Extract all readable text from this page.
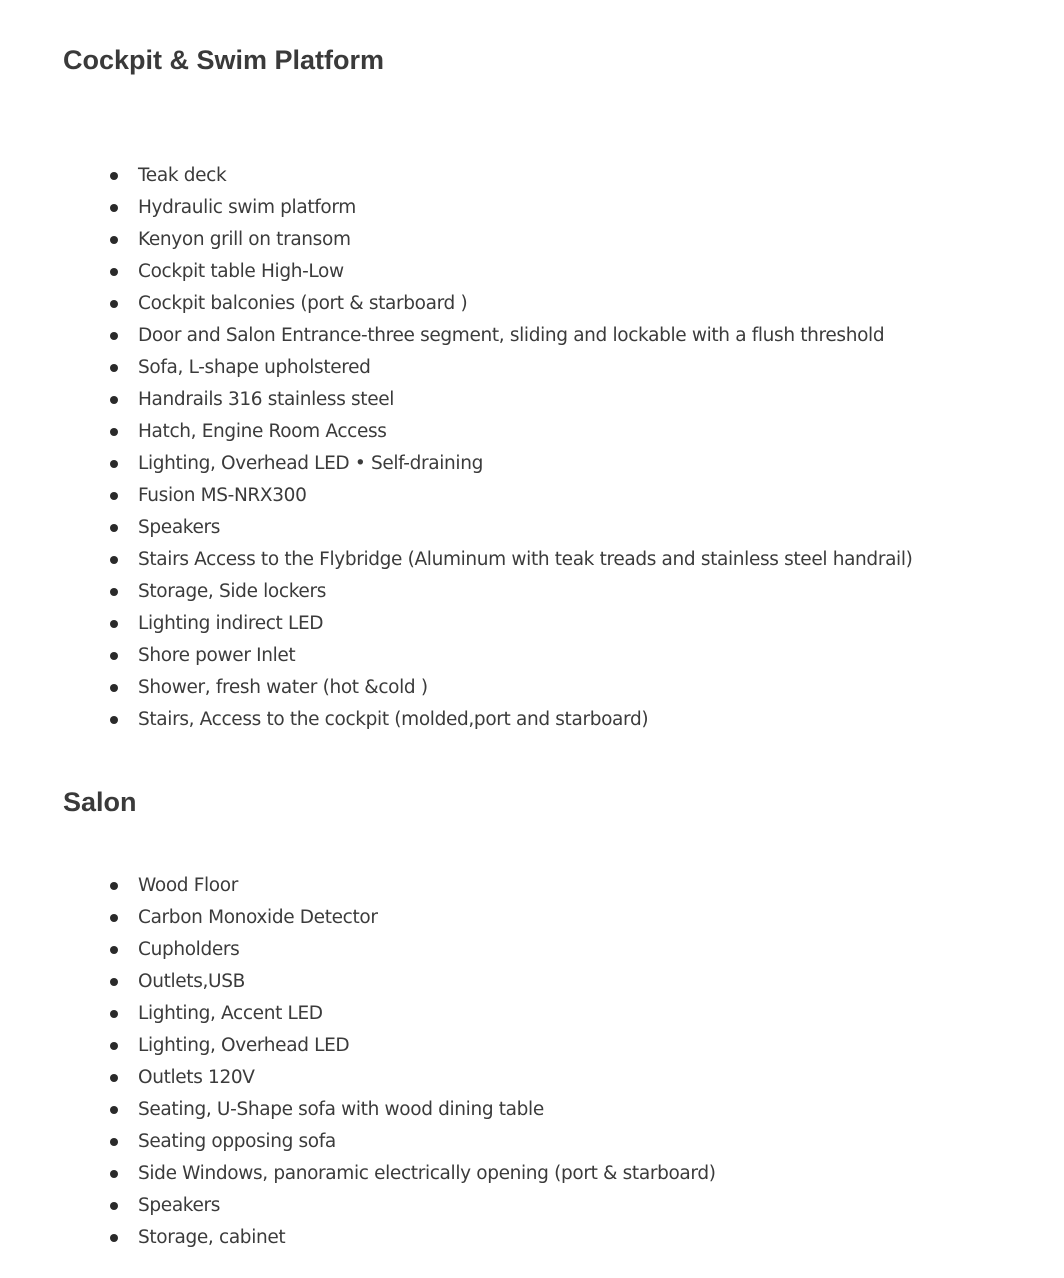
Cockpit & Swim Platform
Teak deck
Hydraulic swim platform
Kenyon grill on transom
Cockpit table High-Low
Cockpit balconies (port & starboard )
Door and Salon Entrance-three segment, sliding and lockable with a flush threshold
Sofa, L-shape upholstered
Handrails 316 stainless steel
Hatch, Engine Room Access
Lighting, Overhead LED • Self-draining
Fusion MS-NRX300
Speakers
Stairs Access to the Flybridge (Aluminum with teak treads and stainless steel handrail)
Storage, Side lockers
Lighting indirect LED
Shore power Inlet
Shower, fresh water (hot &cold )
Stairs, Access to the cockpit (molded,port and starboard)
Salon
Wood Floor
Carbon Monoxide Detector
Cupholders
Outlets,USB
Lighting, Accent LED
Lighting, Overhead LED
Outlets 120V
Seating, U-Shape sofa with wood dining table
Seating opposing sofa
Side Windows, panoramic electrically opening (port & starboard)
Speakers
Storage, cabinet
